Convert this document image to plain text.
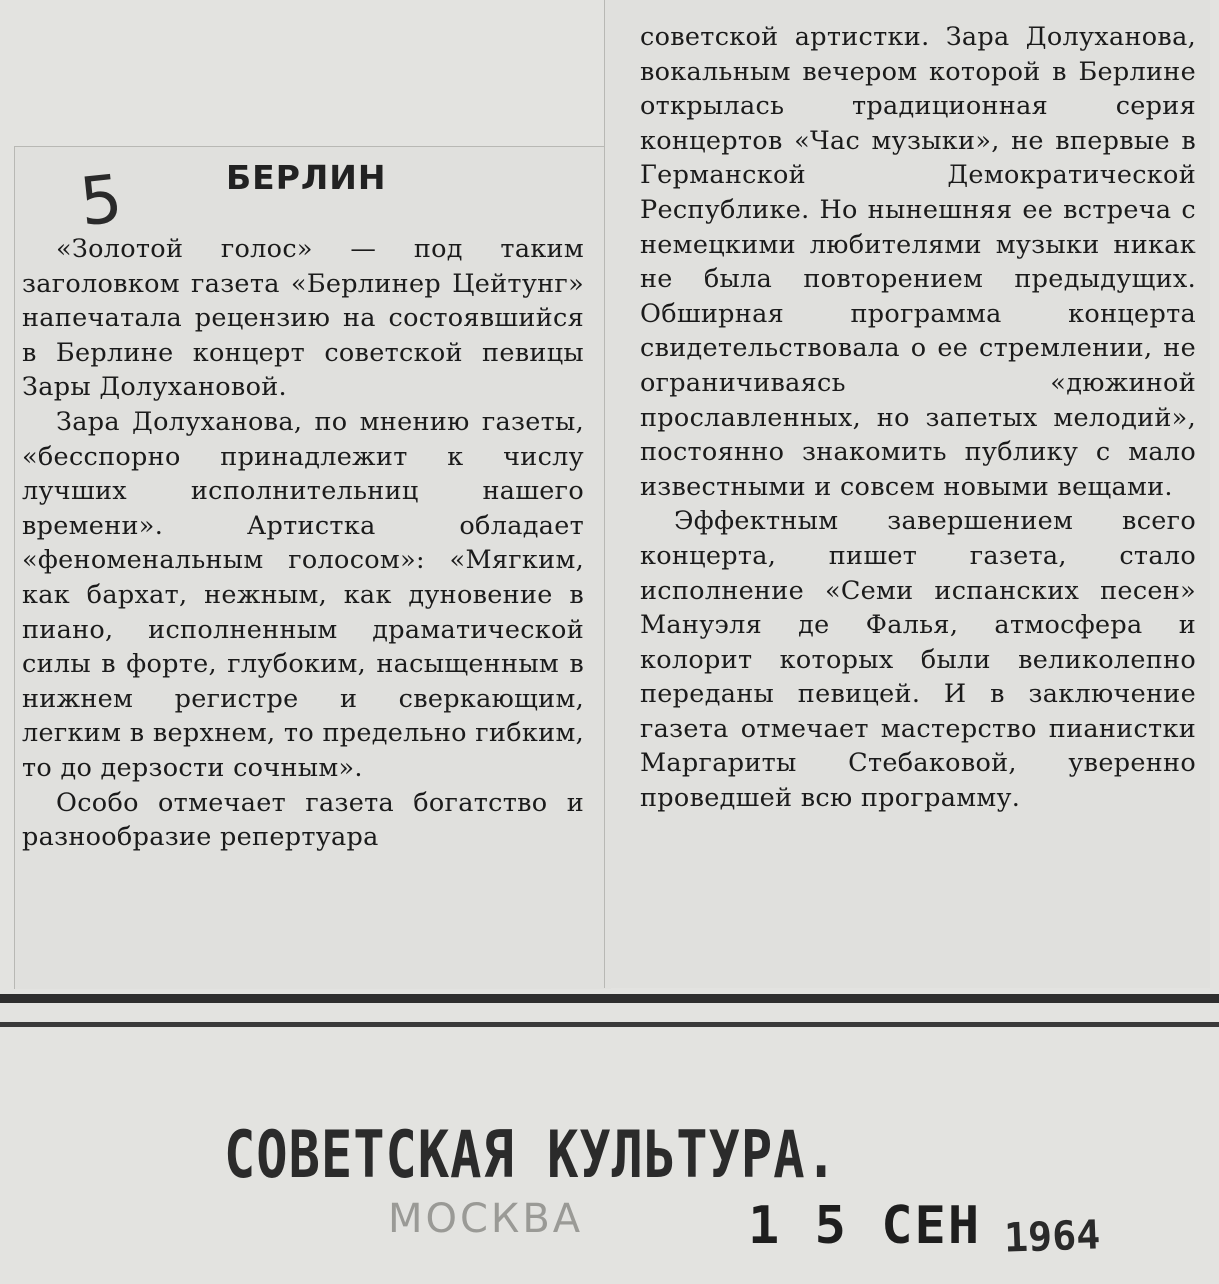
5	БЕРЛИН

«Золотой голос» — под таким заголовком газета «Берлинер Цейтунг» напечатала рецензию на состоявшийся в Берлине концерт советской певицы Зары Долухановой.

Зара Долуханова, по мнению газеты, «бесспорно принадлежит к числу лучших исполнительниц нашего времени». Артистка обладает «феноменальным голосом»: «Мягким, как бархат, нежным, как дуновение в пиано, исполненным драматической силы в форте, глубоким, насыщенным в нижнем регистре и сверкающим, легким в верхнем, то предельно гибким, то до дерзости сочным».

Особо отмечает газета богатство и разнообразие репертуара

советской артистки. Зара Долуханова, вокальным вечером которой в Берлине открылась традиционная серия концертов «Час музыки», не впервые в Германской Демократической Республике. Но нынешняя ее встреча с немецкими любителями музыки никак не была повторением предыдущих. Обширная программа концерта свидетельствовала о ее стремлении, не ограничиваясь «дюжиной прославленных, но запетых мелодий», постоянно знакомить публику с мало известными и совсем новыми вещами.

Эффектным завершением всего концерта, пишет газета, стало исполнение «Семи испанских песен» Мануэля де Фалья, атмосфера и колорит которых были великолепно переданы певицей. И в заключение газета отмечает мастерство пианистки Маргариты Стебаковой, уверенно проведшей всю программу.

СОВЕТСКАЯ КУЛЬТУРА.
МОСКВА	1 5 СЕН 1964
